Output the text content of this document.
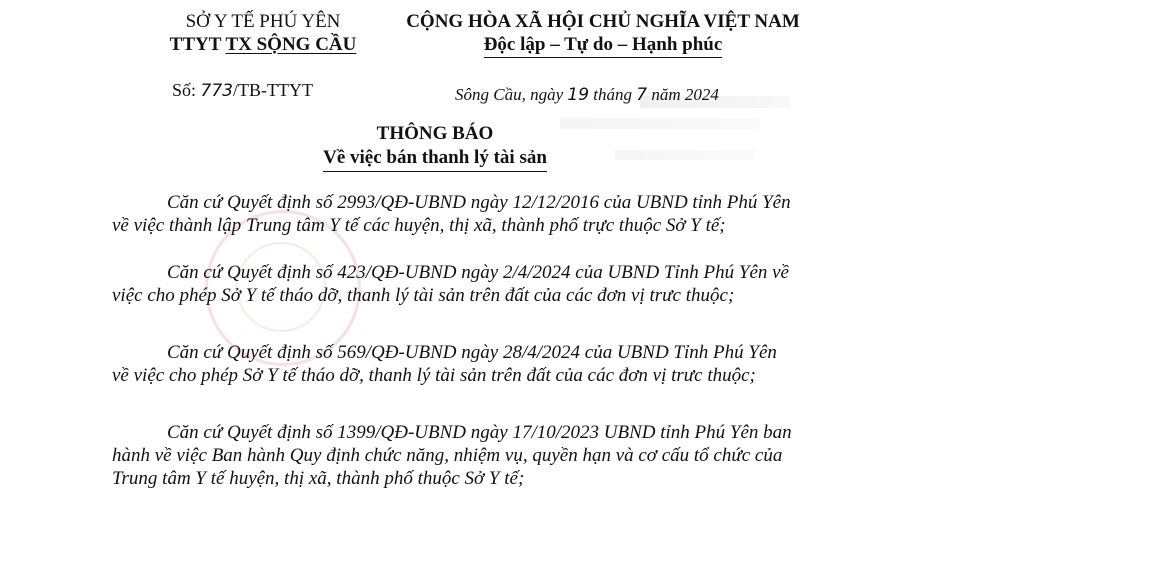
SỞ Y TẾ PHÚ YÊN
TTYT TX SỘNG CẦU
CỘNG HÒA XÃ HỘI CHỦ NGHĨA VIỆT NAM
Độc lập – Tự do – Hạnh phúc
Số: 773/TB-TTYT	Sông Cầu, ngày 19 tháng 7 năm 2024
THÔNG BÁO
Về việc bán thanh lý tài sản

Căn cứ Quyết định số 2993/QĐ-UBND ngày 12/12/2016 của UBND tỉnh Phú Yên về việc thành lập Trung tâm Y tế các huyện, thị xã, thành phố trực thuộc Sở Y tế;

Căn cứ Quyết định số 423/QĐ-UBND ngày 2/4/2024 của UBND Tỉnh Phú Yên về việc cho phép Sở Y tế tháo dỡ, thanh lý tài sản trên đất của các đơn vị trưc thuộc;

Căn cứ Quyết định số 569/QĐ-UBND ngày 28/4/2024 của UBND Tỉnh Phú Yên về việc cho phép Sở Y tế tháo dỡ, thanh lý tài sản trên đất của các đơn vị trưc thuộc;

Căn cứ Quyết định số 1399/QĐ-UBND ngày 17/10/2023 UBND tỉnh Phú Yên ban hành về việc Ban hành Quy định chức năng, nhiệm vụ, quyền hạn và cơ cấu tổ chức của Trung tâm Y tế huyện, thị xã, thành phố thuộc Sở Y tế;
